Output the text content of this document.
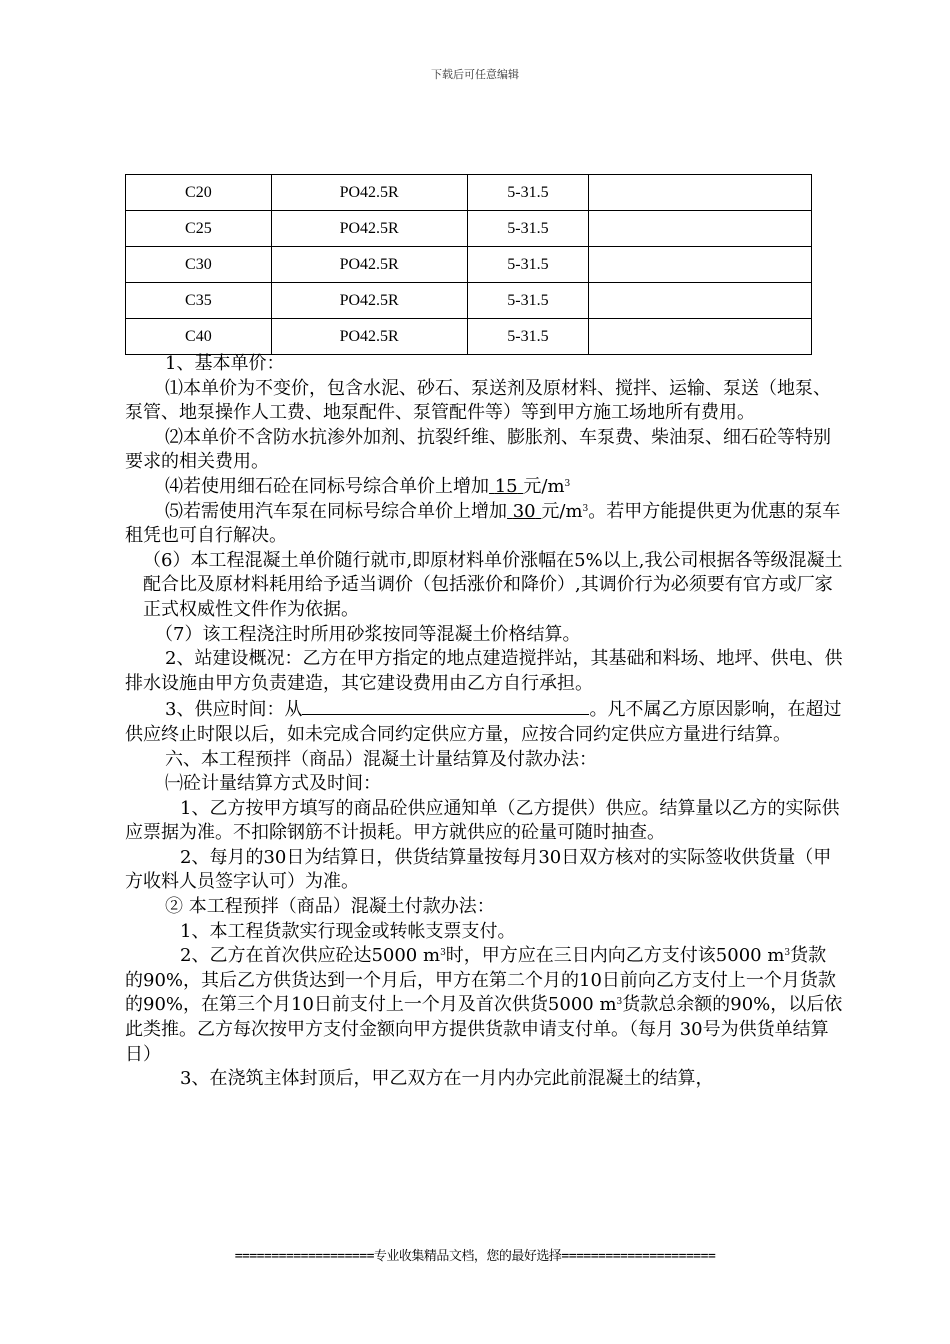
下载后可任意编辑
C20	PO42.5R	5-31.5	
C25	PO42.5R	5-31.5	
C30	PO42.5R	5-31.5	
C35	PO42.5R	5-31.5	
C40	PO42.5R	5-31.5	

1、基本单价：

⑴本单价为不变价，包含水泥、砂石、泵送剂及原材料、搅拌、运输、泵送（地泵、泵管、地泵操作人工费、地泵配件、泵管配件等）等到甲方施工场地所有费用。

⑵本单价不含防水抗渗外加剂、抗裂纤维、膨胀剂、车泵费、柴油泵、细石砼等特别要求的相关费用。

⑷若使用细石砼在同标号综合单价上增加 15 元$/m^3$

⑸若需使用汽车泵在同标号综合单价上增加 30 元$/m^3$。若甲方能提供更为优惠的泵车租凭也可自行解决。

（6）本工程混凝土单价随行就市,即原材料单价涨幅在5%以上,我公司根据各等级混凝土配合比及原材料耗用给予适当调价（包括涨价和降价）,其调价行为必须要有官方或厂家正式权威性文件作为依据。

（7）该工程浇注时所用砂浆按同等混凝土价格结算。

2、站建设概况：乙方在甲方指定的地点建造搅拌站，其基础和料场、地坪、供电、供排水设施由甲方负责建造，其它建设费用由乙方自行承担。

3、供应时间：从	。凡不属乙方原因影响，在超过供应终止时限以后，如未完成合同约定供应方量，应按合同约定供应方量进行结算。

六、本工程预拌（商品）混凝土计量结算及付款办法：

㈠砼计量结算方式及时间：

1、乙方按甲方填写的商品砼供应通知单（乙方提供）供应。结算量以乙方的实际供应票据为准。不扣除钢筋不计损耗。甲方就供应的砼量可随时抽查。

2、每月的30日为结算日，供货结算量按每月30日双方核对的实际签收供货量（甲方收料人员签字认可）为准。

② 本工程预拌（商品）混凝土付款办法：

1、本工程货款实行现金或转帐支票支付。

2、乙方在首次供应砼达5000 $m^3$时，甲方应在三日内向乙方支付该5000 $m^3$货款的90%，其后乙方供货达到一个月后，甲方在第二个月的10日前向乙方支付上一个月货款的90%，在第三个月10日前支付上一个月及首次供货5000 $m^3$货款总余额的90%，以后依此类推。乙方每次按甲方支付金额向甲方提供货款申请支付单。（每月 30号为供货单结算日）

3、在浇筑主体封顶后，甲乙双方在一月内办完此前混凝土的结算，

===================专业收集精品文档，您的最好选择=====================
